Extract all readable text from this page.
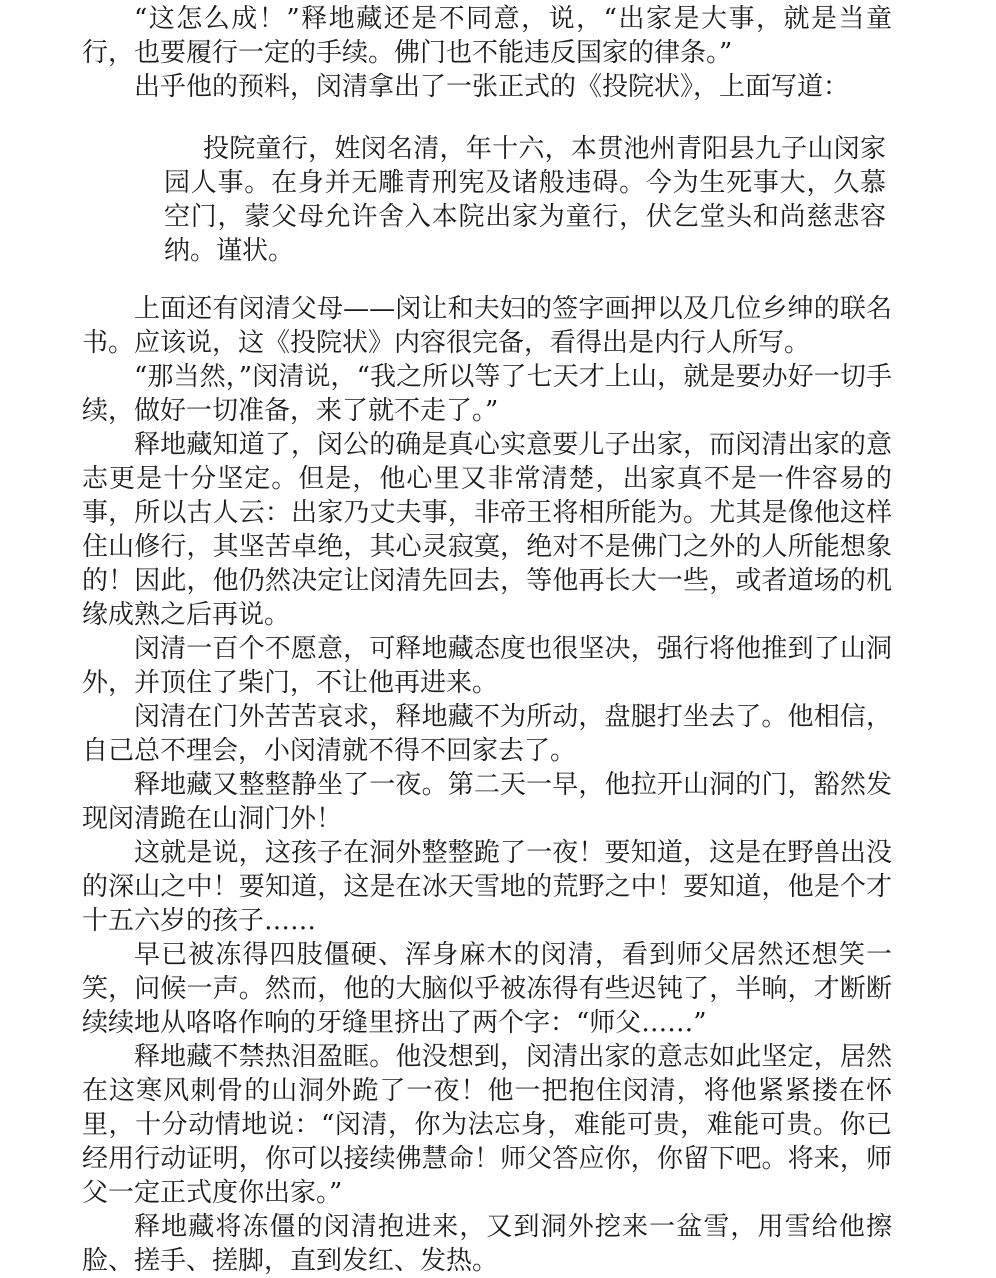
“这怎么成！”释地藏还是不同意，说，“出家是大事，就是当童行，也要履行一定的手续。佛门也不能违反国家的律条。”

出乎他的预料，闵清拿出了一张正式的《投院状》，上面写道：

投院童行，姓闵名清，年十六，本贯池州青阳县九子山闵家园人事。在身并无雕青刑宪及诸般违碍。今为生死事大，久慕空门，蒙父母允许舍入本院出家为童行，伏乞堂头和尚慈悲容纳。谨状。

上面还有闵清父母——闵让和夫妇的签字画押以及几位乡绅的联名书。应该说，这《投院状》内容很完备，看得出是内行人所写。

“那当然，”闵清说，“我之所以等了七天才上山，就是要办好一切手续，做好一切准备，来了就不走了。”

释地藏知道了，闵公的确是真心实意要儿子出家，而闵清出家的意志更是十分坚定。但是，他心里又非常清楚，出家真不是一件容易的事，所以古人云：出家乃丈夫事，非帝王将相所能为。尤其是像他这样住山修行，其坚苦卓绝，其心灵寂寞，绝对不是佛门之外的人所能想象的！因此，他仍然决定让闵清先回去，等他再长大一些，或者道场的机缘成熟之后再说。

闵清一百个不愿意，可释地藏态度也很坚决，强行将他推到了山洞外，并顶住了柴门，不让他再进来。

闵清在门外苦苦哀求，释地藏不为所动，盘腿打坐去了。他相信，自己总不理会，小闵清就不得不回家去了。

释地藏又整整静坐了一夜。第二天一早，他拉开山洞的门，豁然发现闵清跪在山洞门外！

这就是说，这孩子在洞外整整跪了一夜！要知道，这是在野兽出没的深山之中！要知道，这是在冰天雪地的荒野之中！要知道，他是个才十五六岁的孩子……

早已被冻得四肢僵硬、浑身麻木的闵清，看到师父居然还想笑一笑，问候一声。然而，他的大脑似乎被冻得有些迟钝了，半晌，才断断续续地从咯咯作响的牙缝里挤出了两个字：“师父……”

释地藏不禁热泪盈眶。他没想到，闵清出家的意志如此坚定，居然在这寒风刺骨的山洞外跪了一夜！他一把抱住闵清，将他紧紧搂在怀里，十分动情地说：“闵清，你为法忘身，难能可贵，难能可贵。你已经用行动证明，你可以接续佛慧命！师父答应你，你留下吧。将来，师父一定正式度你出家。”

释地藏将冻僵的闵清抱进来，又到洞外挖来一盆雪，用雪给他擦脸、搓手、搓脚，直到发红、发热。
